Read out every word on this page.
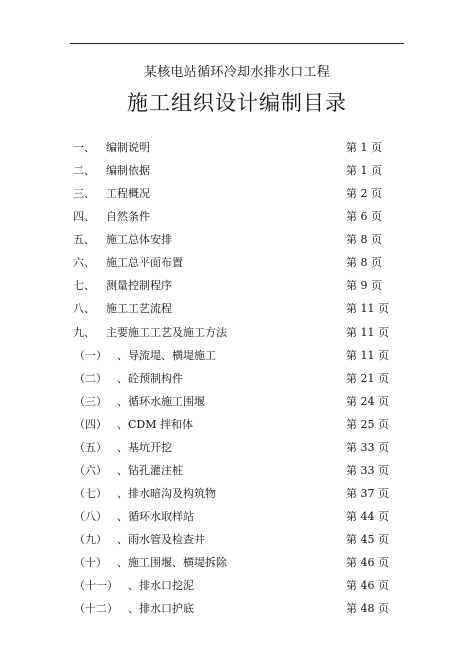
某核电站循环冷却水排水口工程
施工组织设计编制目录
一、 编制说明	第 1 页
二、 编制依据	第 1 页
三、 工程概况	第 2 页
四、 自然条件	第 6 页
五、 施工总体安排	第 8 页
六、 施工总平面布置	第 8 页
七、 测量控制程序	第 9 页
八、 施工工艺流程	第 11 页
九、 主要施工工艺及施工方法	第 11 页
（一） 、导流堤、横堤施工	第 11 页
（二） 、砼预制构件	第 21 页
（三） 、循环水施工围堰	第 24 页
（四） 、CDM 拌和体	第 25 页
（五） 、基坑开挖	第 33 页
（六） 、钻孔灌注桩	第 33 页
（七） 、排水暗沟及构筑物	第 37 页
（八） 、循环水取样站	第 44 页
（九） 、雨水管及检查井	第 45 页
（十） 、施工围堰、横堤拆除	第 46 页
（十一） 、排水口挖泥	第 46 页
（十二） 、排水口护底	第 48 页
